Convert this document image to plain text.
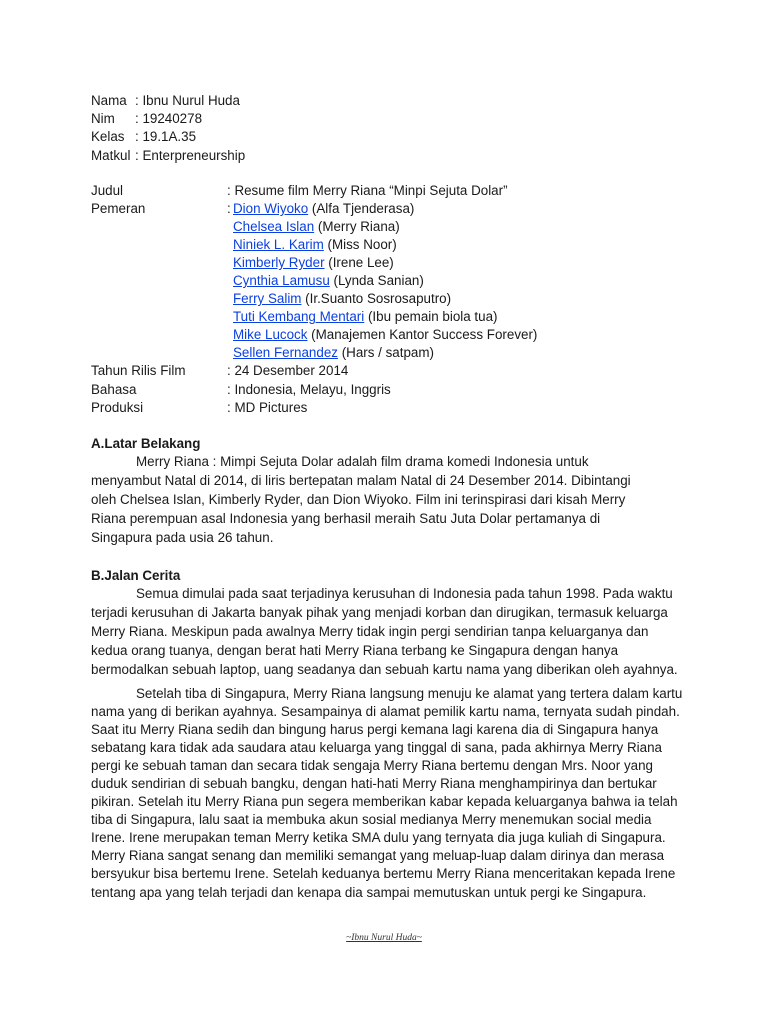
Nama : Ibnu Nurul Huda
Nim	: 19240278
Kelas : 19.1A.35
Matkul : Enterpreneurship
Judul	: Resume film Merry Riana “Minpi Sejuta Dolar”
Pemeran	: Dion Wiyoko (Alfa Tjenderasa)
Chelsea Islan (Merry Riana)
Niniek L. Karim (Miss Noor)
Kimberly Ryder (Irene Lee)
Cynthia Lamusu (Lynda Sanian)
Ferry Salim (Ir.Suanto Sosrosaputro)
Tuti Kembang Mentari (Ibu pemain biola tua)
Mike Lucock (Manajemen Kantor Success Forever)
Sellen Fernandez (Hars / satpam)
Tahun Rilis Film	: 24 Desember 2014
Bahasa	: Indonesia, Melayu, Inggris
Produksi	: MD Pictures
A.Latar Belakang

Merry Riana : Mimpi Sejuta Dolar adalah film drama komedi Indonesia untuk
menyambut Natal di 2014, di liris bertepatan malam Natal di 24 Desember 2014. Dibintangi
oleh Chelsea Islan, Kimberly Ryder, dan Dion Wiyoko. Film ini terinspirasi dari kisah Merry
Riana perempuan asal Indonesia yang berhasil meraih Satu Juta Dolar pertamanya di
Singapura pada usia 26 tahun.

B.Jalan Cerita

Semua dimulai pada saat terjadinya kerusuhan di Indonesia pada tahun 1998. Pada waktu
terjadi kerusuhan di Jakarta banyak pihak yang menjadi korban dan dirugikan, termasuk keluarga
Merry Riana. Meskipun pada awalnya Merry tidak ingin pergi sendirian tanpa keluarganya dan
kedua orang tuanya, dengan berat hati Merry Riana terbang ke Singapura dengan hanya
bermodalkan sebuah laptop, uang seadanya dan sebuah kartu nama yang diberikan oleh ayahnya.

Setelah tiba di Singapura, Merry Riana langsung menuju ke alamat yang tertera dalam kartu
nama yang di berikan ayahnya. Sesampainya di alamat pemilik kartu nama, ternyata sudah pindah.
Saat itu Merry Riana sedih dan bingung harus pergi kemana lagi karena dia di Singapura hanya
sebatang kara tidak ada saudara atau keluarga yang tinggal di sana, pada akhirnya Merry Riana
pergi ke sebuah taman dan secara tidak sengaja Merry Riana bertemu dengan Mrs. Noor yang
duduk sendirian di sebuah bangku, dengan hati-hati Merry Riana menghampirinya dan bertukar
pikiran. Setelah itu Merry Riana pun segera memberikan kabar kepada keluarganya bahwa ia telah
tiba di Singapura, lalu saat ia membuka akun sosial medianya Merry menemukan social media
Irene. Irene merupakan teman Merry ketika SMA dulu yang ternyata dia juga kuliah di Singapura.
Merry Riana sangat senang dan memiliki semangat yang meluap-luap dalam dirinya dan merasa
bersyukur bisa bertemu Irene. Setelah keduanya bertemu Merry Riana menceritakan kepada Irene
tentang apa yang telah terjadi dan kenapa dia sampai memutuskan untuk pergi ke Singapura.

~Ibnu Nurul Huda~
